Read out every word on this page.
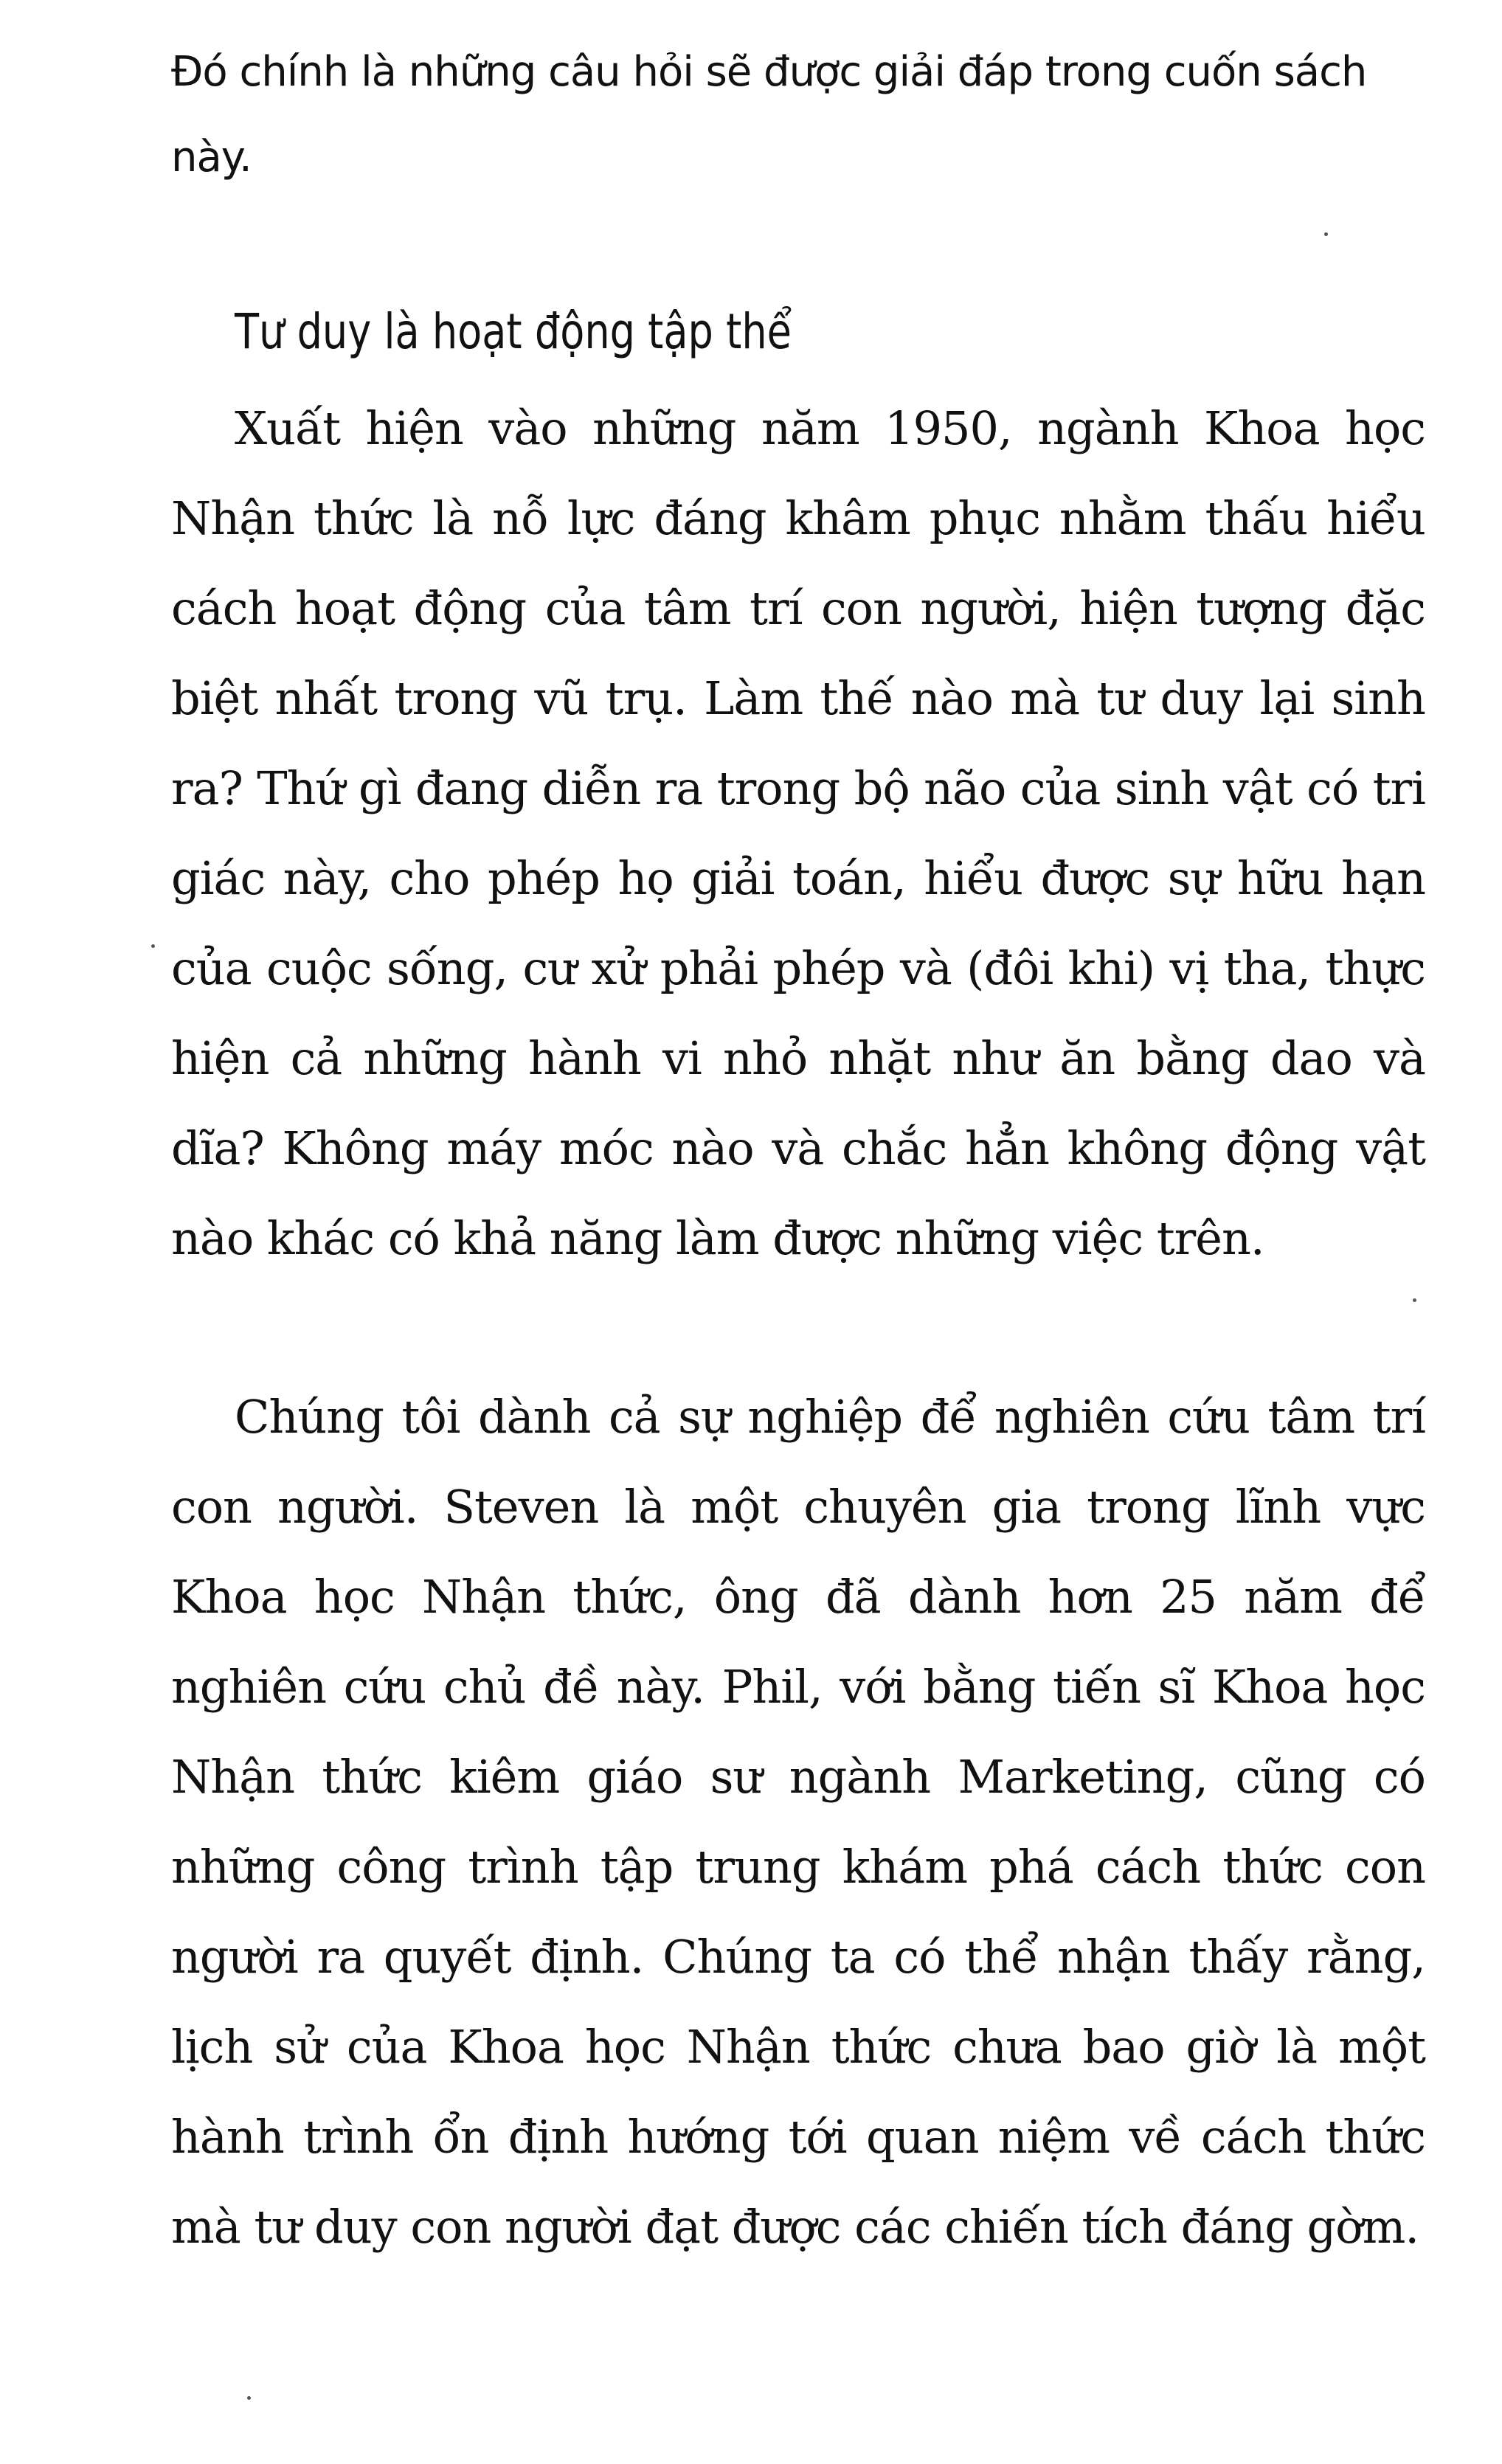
Đó chính là những câu hỏi sẽ được giải đáp trong cuốn sách này.

Tư duy là hoạt động tập thể

Xuất hiện vào những năm 1950, ngành Khoa học Nhận thức là nỗ lực đáng khâm phục nhằm thấu hiểu cách hoạt động của tâm trí con người, hiện tượng đặc biệt nhất trong vũ trụ. Làm thế nào mà tư duy lại sinh ra? Thứ gì đang diễn ra trong bộ não của sinh vật có tri giác này, cho phép họ giải toán, hiểu được sự hữu hạn của cuộc sống, cư xử phải phép và (đôi khi) vị tha, thực hiện cả những hành vi nhỏ nhặt như ăn bằng dao và dĩa? Không máy móc nào và chắc hẳn không động vật nào khác có khả năng làm được những việc trên.

Chúng tôi dành cả sự nghiệp để nghiên cứu tâm trí con người. Steven là một chuyên gia trong lĩnh vực Khoa học Nhận thức, ông đã dành hơn 25 năm để nghiên cứu chủ đề này. Phil, với bằng tiến sĩ Khoa học Nhận thức kiêm giáo sư ngành Marketing, cũng có những công trình tập trung khám phá cách thức con người ra quyết định. Chúng ta có thể nhận thấy rằng, lịch sử của Khoa học Nhận thức chưa bao giờ là một hành trình ổn định hướng tới quan niệm về cách thức mà tư duy con người đạt được các chiến tích đáng gờm.
